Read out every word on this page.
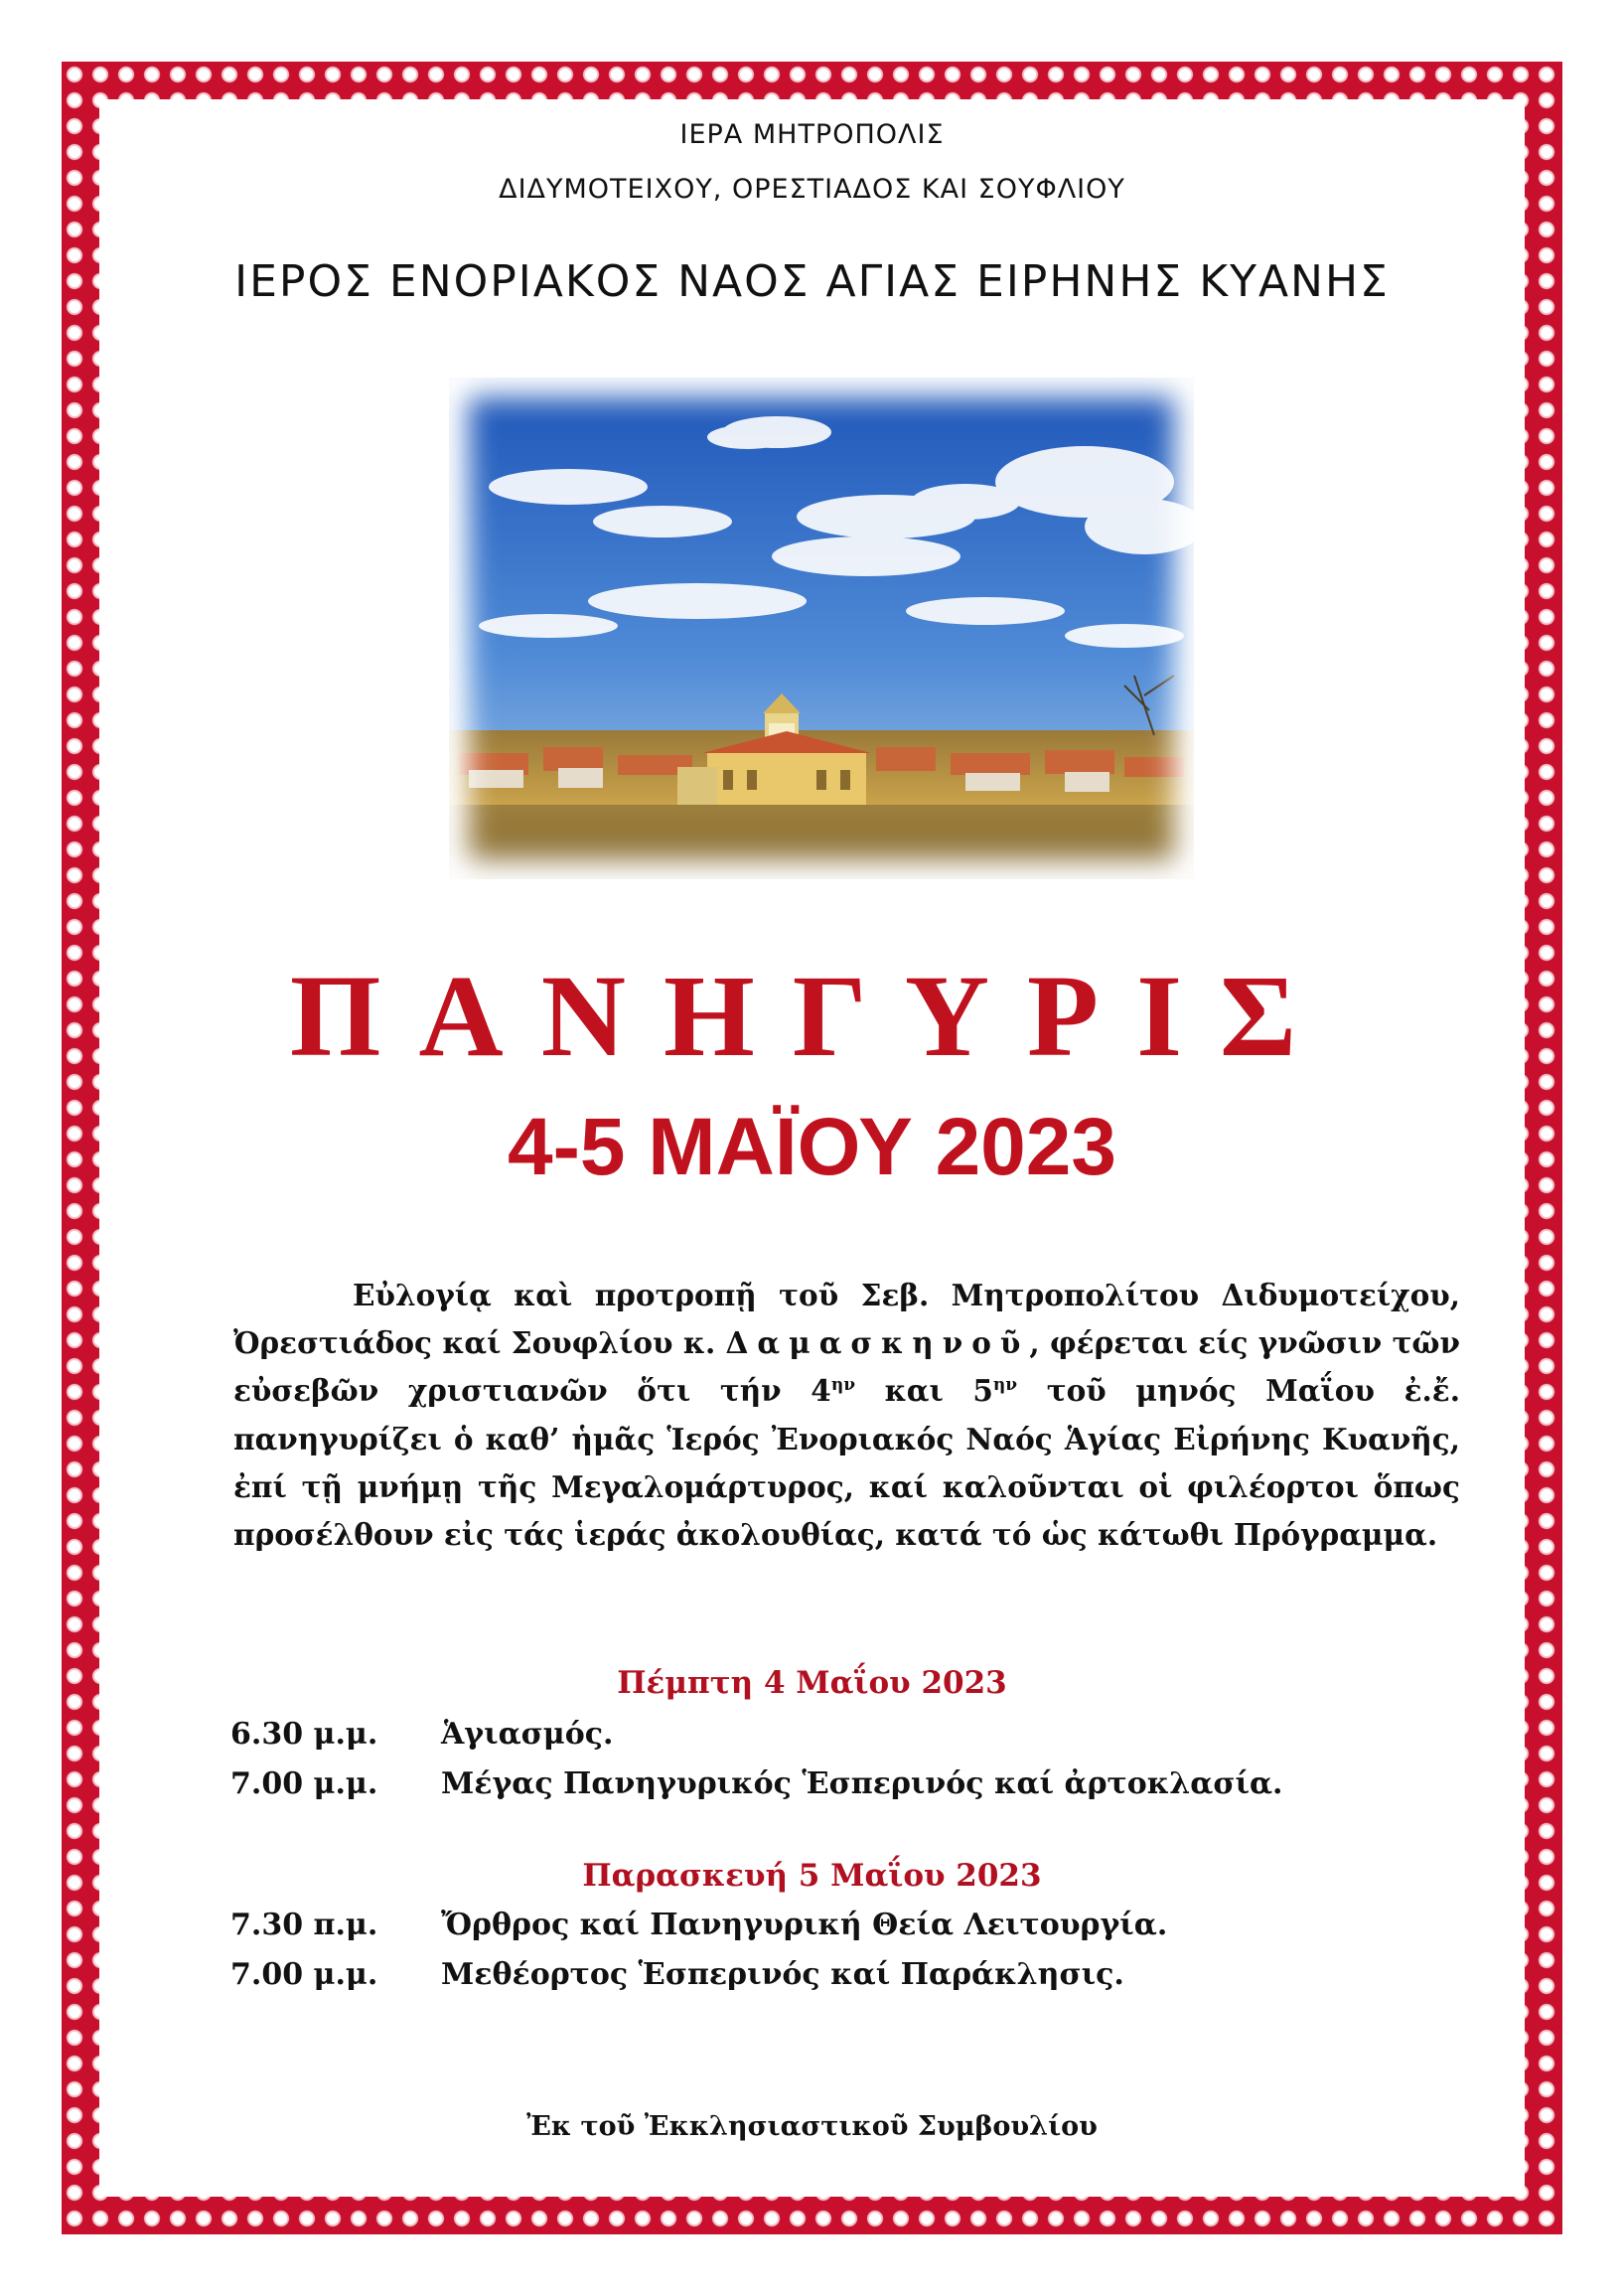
ΙΕΡΑ ΜΗΤΡΟΠΟΛΙΣ

ΔΙΔΥΜΟΤΕΙΧΟΥ, ΟΡΕΣΤΙΑΔΟΣ ΚΑΙ ΣΟΥΦΛΙΟΥ

ΙΕΡΟΣ ΕΝΟΡΙΑΚΟΣ ΝΑΟΣ ΑΓΙΑΣ ΕΙΡΗΝΗΣ ΚΥΑΝΗΣ

ΠΑΝΗΓΥΡΙΣ
4-5 ΜΑΪΟΥ 2023

Εὐλογίᾳ καὶ προτροπῇ τοῦ Σεβ. Μητροπολίτου Διδυμοτείχου, Ὀρεστιάδος καί Σουφλίου κ. Δαμασκηνοῦ, φέρεται είς γνῶσιν τῶν εὐσεβῶν χριστιανῶν ὅτι τήν $4^{\eta\nu}$ και $5^{\eta\nu}$ τοῦ μηνός Μαΐου ἐ.ἔ. πανηγυρίζει ὁ καθ’ ἡμᾶς Ἱερός Ἐνοριακός Ναός Ἁγίας Εἰρήνης Κυανῆς, ἐπί τῇ μνήμῃ τῆς Μεγαλομάρτυρος, καί καλοῦνται οἱ φιλέορτοι ὅπως προσέλθουν εἰς τάς ἱεράς ἀκολουθίας, κατά τό ὡς κάτωθι Πρόγραμμα.

Πέμπτη 4 Μαΐου 2023

6.30 μ.μ. Ἁγιασμός.

7.00 μ.μ. Μέγας Πανηγυρικός Ἑσπερινός καί ἀρτοκλασία.

Παρασκευή 5 Μαΐου 2023

7.30 π.μ. Ὄρθρος καί Πανηγυρική Θεία Λειτουργία.

7.00 μ.μ. Μεθέορτος Ἑσπερινός καί Παράκλησις.

Ἐκ τοῦ Ἐκκλησιαστικοῦ Συμβουλίου
